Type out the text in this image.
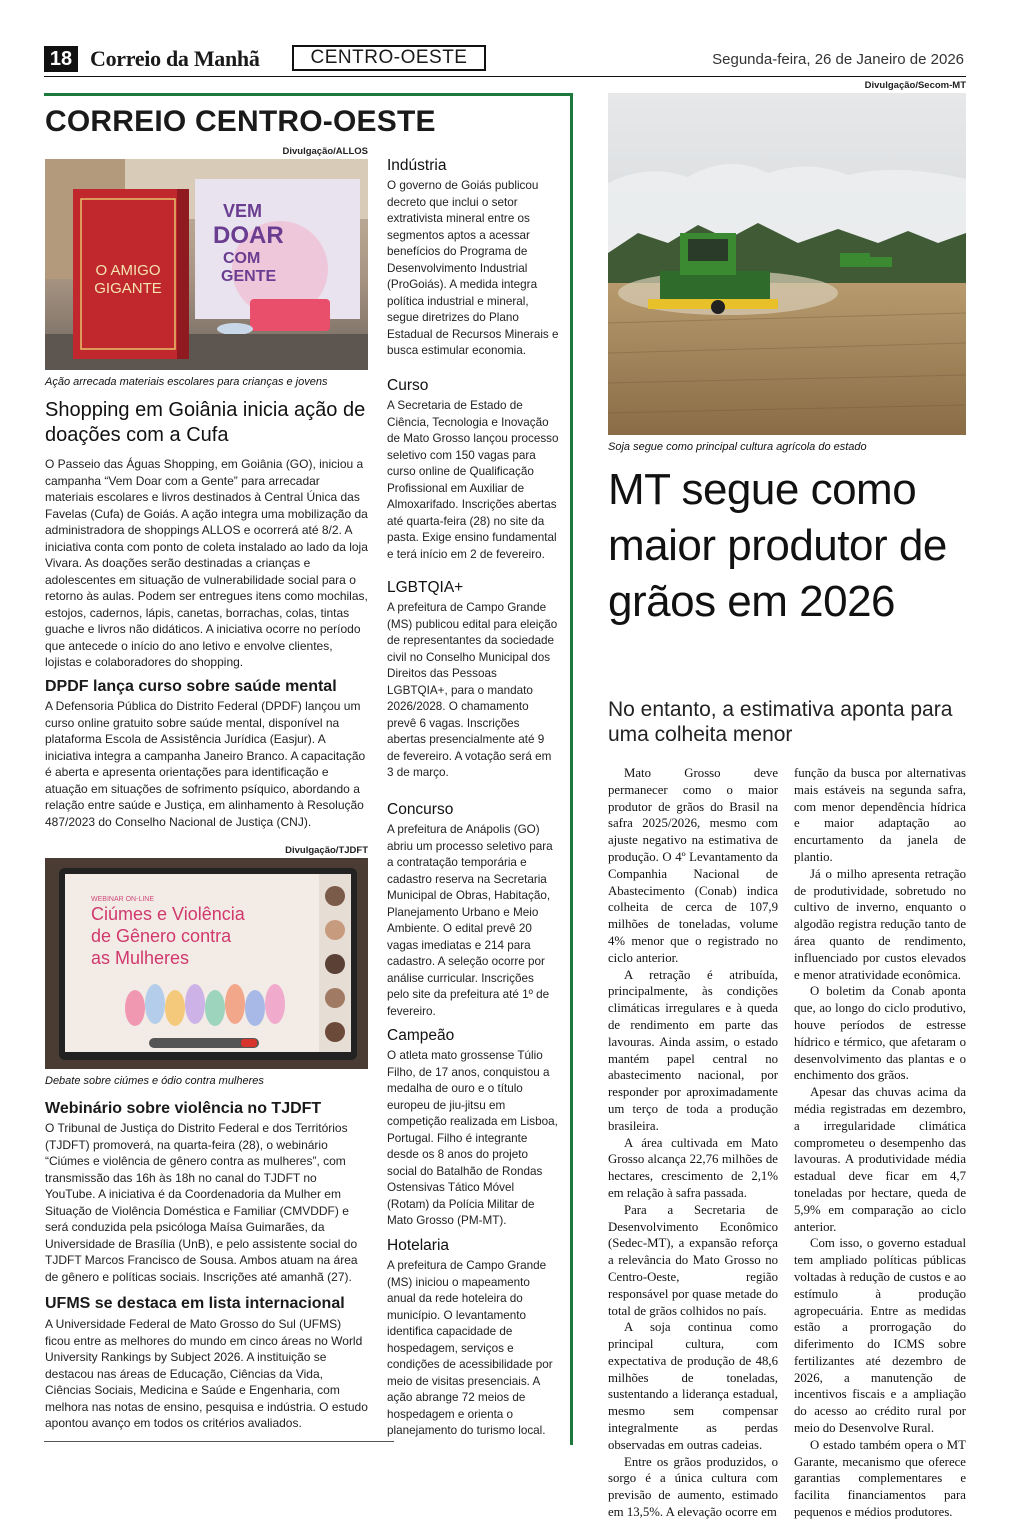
18 Correio da Manhã	CENTRO-OESTE	Segunda-feira, 26 de Janeiro de 2026
CORREIO CENTRO-OESTE
Divulgação/ALLOS
VEM
DOAR
COM
GENTE
O AMIGO
GIGANTE
Ação arrecada materiais escolares para crianças e jovens
Shopping em Goiânia inicia ação de doações com a Cufa
O Passeio das Águas Shopping, em Goiânia (GO), iniciou a campanha “Vem Doar com a Gente” para arrecadar materiais escolares e livros destinados à Central Única das Favelas (Cufa) de Goiás. A ação integra uma mobilização da administradora de shoppings ALLOS e ocorrerá até 8/2. A iniciativa conta com ponto de coleta instalado ao lado da loja Vivara. As doações serão destinadas a crianças e adolescentes em situação de vulnerabilidade social para o retorno às aulas. Podem ser entregues itens como mochilas, estojos, cadernos, lápis, canetas, borrachas, colas, tintas guache e livros não didáticos. A iniciativa ocorre no período que antecede o início do ano letivo e envolve clientes, lojistas e colaboradores do shopping.
DPDF lança curso sobre saúde mental
A Defensoria Pública do Distrito Federal (DPDF) lançou um curso online gratuito sobre saúde mental, disponível na plataforma Escola de Assistência Jurídica (Easjur). A iniciativa integra a campanha Janeiro Branco. A capacitação é aberta e apresenta orientações para identificação e atuação em situações de sofrimento psíquico, abordando a relação entre saúde e Justiça, em alinhamento à Resolução 487/2023 do Conselho Nacional de Justiça (CNJ).
Divulgação/TJDFT
WEBINAR ON-LINE
Ciúmes e Violência
de Gênero contra
as Mulheres
Debate sobre ciúmes e ódio contra mulheres
Webinário sobre violência no TJDFT
O Tribunal de Justiça do Distrito Federal e dos Territórios (TJDFT) promoverá, na quarta-feira (28), o webinário “Ciúmes e violência de gênero contra as mulheres”, com transmissão das 16h às 18h no canal do TJDFT no YouTube. A iniciativa é da Coordenadoria da Mulher em Situação de Violência Doméstica e Familiar (CMVDDF) e será conduzida pela psicóloga Maísa Guimarães, da Universidade de Brasília (UnB), e pelo assistente social do TJDFT Marcos Francisco de Sousa. Ambos atuam na área de gênero e políticas sociais. Inscrições até amanhã (27).
UFMS se destaca em lista internacional
A Universidade Federal de Mato Grosso do Sul (UFMS) ficou entre as melhores do mundo em cinco áreas no World University Rankings by Subject 2026. A instituição se destacou nas áreas de Educação, Ciências da Vida, Ciências Sociais, Medicina e Saúde e Engenharia, com melhora nas notas de ensino, pesquisa e indústria. O estudo apontou avanço em todos os critérios avaliados.
Indústria
O governo de Goiás publicou decreto que inclui o setor extrativista mineral entre os segmentos aptos a acessar benefícios do Programa de Desenvolvimento Industrial (ProGoiás). A medida integra política industrial e mineral, segue diretrizes do Plano Estadual de Recursos Minerais e busca estimular economia.
Curso
A Secretaria de Estado de Ciência, Tecnologia e Inovação de Mato Grosso lançou processo seletivo com 150 vagas para curso online de Qualificação Profissional em Auxiliar de Almoxarifado. Inscrições abertas até quarta-feira (28) no site da pasta. Exige ensino fundamental e terá início em 2 de fevereiro.
LGBTQIA+
A prefeitura de Campo Grande (MS) publicou edital para eleição de representantes da sociedade civil no Conselho Municipal dos Direitos das Pessoas LGBTQIA+, para o mandato 2026/2028. O chamamento prevê 6 vagas. Inscrições abertas presencialmente até 9 de fevereiro. A votação será em 3 de março.
Concurso
A prefeitura de Anápolis (GO) abriu um processo seletivo para a contratação temporária e cadastro reserva na Secretaria Municipal de Obras, Habitação, Planejamento Urbano e Meio Ambiente. O edital prevê 20 vagas imediatas e 214 para cadastro. A seleção ocorre por análise curricular. Inscrições pelo site da prefeitura até 1º de fevereiro.
Campeão
O atleta mato grossense Túlio Filho, de 17 anos, conquistou a medalha de ouro e o título europeu de jiu-jitsu em competição realizada em Lisboa, Portugal. Filho é integrante desde os 8 anos do projeto social do Batalhão de Rondas Ostensivas Tático Móvel (Rotam) da Polícia Militar de Mato Grosso (PM-MT).
Hotelaria
A prefeitura de Campo Grande (MS) iniciou o mapeamento anual da rede hoteleira do município. O levantamento identifica capacidade de hospedagem, serviços e condições de acessibilidade por meio de visitas presenciais. A ação abrange 72 meios de hospedagem e orienta o planejamento do turismo local.
Divulgação/Secom-MT
Soja segue como principal cultura agrícola do estado
MT segue como maior produtor de grãos em 2026
No entanto, a estimativa aponta para uma colheita menor

Mato Grosso deve permanecer como o maior produtor de grãos do Brasil na safra 2025/2026, mesmo com ajuste negativo na estimativa de produção. O 4º Levantamento da Companhia Nacional de Abastecimento (Conab) indica colheita de cerca de 107,9 milhões de toneladas, volume 4% menor que o registrado no ciclo anterior.

A retração é atribuída, principalmente, às condições climáticas irregulares e à queda de rendimento em parte das lavouras. Ainda assim, o estado mantém papel central no abastecimento nacional, por responder por aproximadamente um terço de toda a produção brasileira.

A área cultivada em Mato Grosso alcança 22,76 milhões de hectares, crescimento de 2,1% em relação à safra passada.

Para a Secretaria de Desenvolvimento Econômico (Sedec-MT), a expansão reforça a relevância do Mato Grosso no Centro-Oeste, região responsável por quase metade do total de grãos colhidos no país.

A soja continua como principal cultura, com expectativa de produção de 48,6 milhões de toneladas, sustentando a liderança estadual, mesmo sem compensar integralmente as perdas observadas em outras cadeias.

Entre os grãos produzidos, o sorgo é a única cultura com previsão de aumento, estimado em 13,5%. A elevação ocorre em

função da busca por alternativas mais estáveis na segunda safra, com menor dependência hídrica e maior adaptação ao encurtamento da janela de plantio.

Já o milho apresenta retração de produtividade, sobretudo no cultivo de inverno, enquanto o algodão registra redução tanto de área quanto de rendimento, influenciado por custos elevados e menor atratividade econômica.

O boletim da Conab aponta que, ao longo do ciclo produtivo, houve períodos de estresse hídrico e térmico, que afetaram o desenvolvimento das plantas e o enchimento dos grãos.

Apesar das chuvas acima da média registradas em dezembro, a irregularidade climática comprometeu o desempenho das lavouras. A produtividade média estadual deve ficar em 4,7 toneladas por hectare, queda de 5,9% em comparação ao ciclo anterior.

Com isso, o governo estadual tem ampliado políticas públicas voltadas à redução de custos e ao estímulo à produção agropecuária. Entre as medidas estão a prorrogação do diferimento do ICMS sobre fertilizantes até dezembro de 2026, a manutenção de incentivos fiscais e a ampliação do acesso ao crédito rural por meio do Desenvolve Rural.

O estado também opera o MT Garante, mecanismo que oferece garantias complementares e facilita financiamentos para pequenos e médios produtores.
